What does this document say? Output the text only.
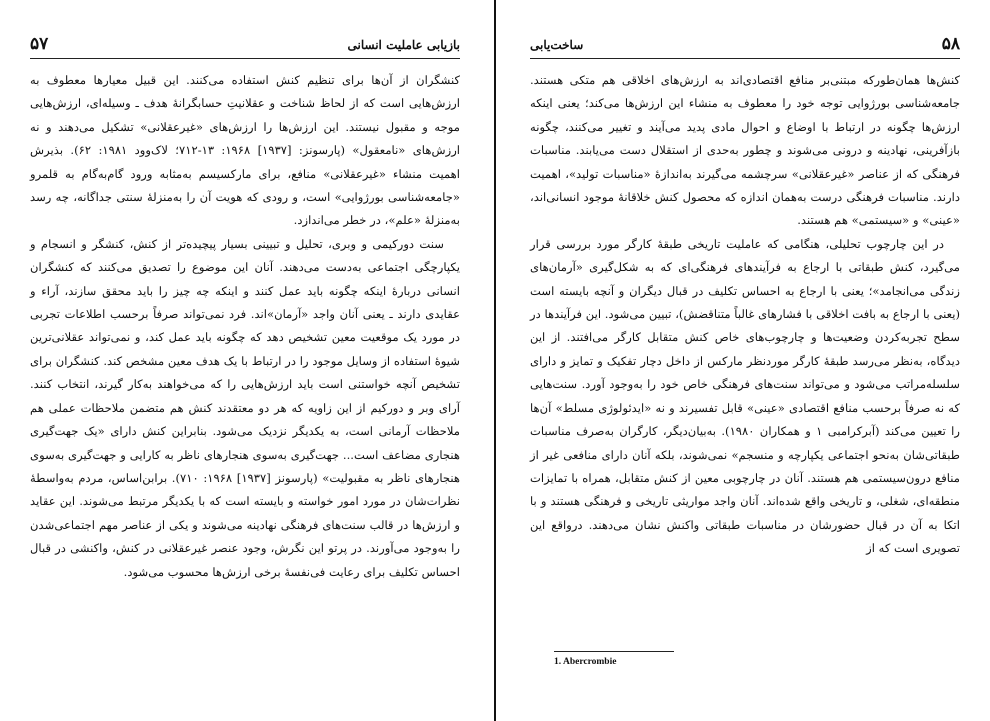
بازیابی عاملیت انسانی
۵۷

کنشگران از آن‌ها برای تنظیم کنش استفاده می‌کنند. این قبیل معیارها معطوف به ارزش‌هایی است که از لحاظ شناخت و عقلانیتِ حسابگرانهٔ هدف ـ وسیله‌ای، ارزش‌هایی موجه و مقبول نیستند. این ارزش‌ها را ارزش‌های «غیرعقلانی» تشکیل می‌دهند و نه ارزش‌های «نامعقول» (پارسونز: [۱۹۳۷] ۱۹۶۸: ۱۳-۷۱۲؛ لاک‌وود ۱۹۸۱: ۶۲). بذیرش اهمیت منشاء «غیرعقلانی» منافع، برای مارکسیسم به‌مثابه ورود گام‌به‌گام به قلمرو «جامعه‌شناسی بورژوایی» است، و رودی که هویت آن را به‌منزلهٔ سنتی جداگانه، چه رسد به‌منزلهٔ «علم»، در خطر می‌اندازد.

سنت دورکیمی و وبری، تحلیل و تبیینی بسیار پیچیده‌تر از کنش، کنشگر و انسجام و یکپارچگی اجتماعی به‌دست می‌دهند. آنان این موضوع را تصدیق می‌کنند که کنشگران انسانی دربارهٔ اینکه چگونه باید عمل کنند و اینکه چه چیز را باید محقق سازند، آراء و عقایدی دارند ـ یعنی آنان واجد «آرمان»اند. فرد نمی‌تواند صرفاً برحسب اطلاعات تجربی در مورد یک موقعیت معین تشخیص دهد که چگونه باید عمل کند، و نمی‌تواند عقلانی‌ترین شیوهٔ استفاده از وسایل موجود را در ارتباط با یک هدف معین مشخص کند. کنشگران برای تشخیص آنچه خواستنی است باید ارزش‌هایی را که می‌خواهند به‌کار گیرند، انتخاب کنند. آرای وبر و دورکیم از این زاویه که هر دو معتقدند کنش هم متضمن ملاحظات عملی هم ملاحظات آرمانی است، به یکدیگر نزدیک می‌شود. بنابراین کنش دارای «یک جهت‌گیری هنجاری مضاعف است... جهت‌گیری به‌سوی هنجارهای ناظر به کارایی و جهت‌گیری به‌سوی هنجارهای ناظر به مقبولیت» (پارسونز [۱۹۳۷] ۱۹۶۸: ۷۱۰). برابن‌اساس، مردم به‌واسطهٔ نظرات‌شان در مورد امور خواسته و بایسته است که با یکدیگر مرتبط می‌شوند. این عقاید و ارزش‌ها در قالب سنت‌های فرهنگی نهادینه می‌شوند و یکی از عناصر مهم اجتماعی‌شدن را به‌وجود می‌آورند. در پرتو این نگرش، وجود عنصر غیرعقلانی در کنش، واکنشی در قبال احساس تکلیف برای رعایت فی‌نفسهٔ برخی ارزش‌ها محسوب می‌شود.

۵۸
ساخت‌یابی

کنش‌ها همان‌طورکه مبتنی‌بر منافع اقتصادی‌اند به ارزش‌های اخلاقی هم متکی هستند. جامعه‌شناسی بورژوایی توجه خود را معطوف به منشاء این ارزش‌ها می‌کند؛ یعنی اینکه ارزش‌ها چگونه در ارتباط با اوضاع و احوال مادی پدید می‌آیند و تغییر می‌کنند، چگونه بازآفرینی، نهادینه و درونی می‌شوند و چطور به‌حدی از استقلال دست می‌یابند. مناسبات فرهنگی که از عناصر «غیرعقلانی» سرچشمه می‌گیرند به‌اندازهٔ «مناسبات تولید»، اهمیت دارند. مناسبات فرهنگی درست به‌همان اندازه که محصول کنش خلاقانهٔ موجود انسانی‌اند، «عینی» و «سیستمی» هم هستند.

در این چارچوب تحلیلی، هنگامی که عاملیت تاریخی طبقهٔ کارگر مورد بررسی قرار می‌گیرد، کنش طبقاتی با ارجاع به فرآیندهای فرهنگی‌ای که به شکل‌گیری «آرمان‌های زندگی می‌انجامد»؛ یعنی با ارجاع به احساس تکلیف در قبال دیگران و آنچه بایسته است (یعنی با ارجاع به بافت اخلاقی با فشارهای غالباً متناقضش)، تبیین می‌شود. این فرآیندها در سطح تجربه‌کردن وضعیت‌ها و چارچوب‌های خاص کنش متقابل کارگر می‌افتند. از این دیدگاه، به‌نظر می‌رسد طبقهٔ کارگر موردنظر مارکس از داخل دچار تفکیک و تمایز و دارای سلسله‌مراتب می‌شود و می‌تواند سنت‌های فرهنگی خاص خود را به‌وجود آورد. سنت‌هایی که نه صرفاً برحسب منافع اقتصادی «عینی» قابل تفسیرند و نه «ایدئولوژی مسلط» آن‌ها را تعیین می‌کند (آبرکرامبی ۱ و همکاران ۱۹۸۰). به‌بیان‌دیگر، کارگران به‌صرف مناسبات طبقاتی‌شان به‌نحو اجتماعی یکپارچه و منسجم» نمی‌شوند، بلکه آنان دارای منافعی غیر از منافع درون‌سیستمی هم هستند. آنان در چارچوبی معین از کنش متقابل، همراه با تمایزات منطقه‌ای، شغلی، و تاریخی واقع شده‌اند. آنان واجد مواریثی تاریخی و فرهنگی هستند و با اتکا به آن در قبال حضورشان در مناسبات طبقاتی واکنش نشان می‌دهند. درواقع این تصویری است که از

1. Abercrombie
